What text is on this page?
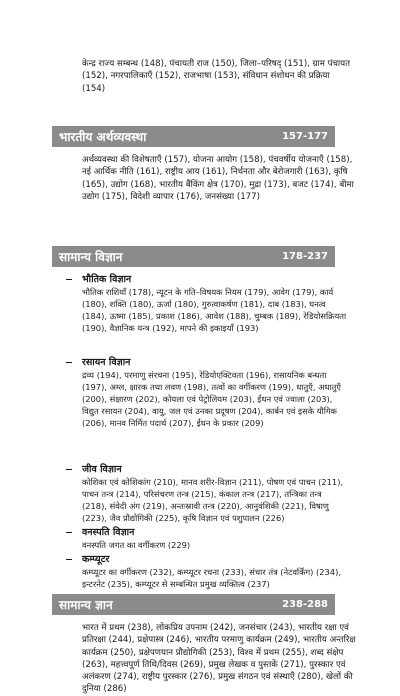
केन्द्र राज्य सम्बन्ध (148), पंचायती राज (150), जिला–परिषद् (151), ग्राम पंचायत (152), नगरपालिकाएँ (152), राजभाषा (153), संविधान संशोधन की प्रक्रिया (154)

भारतीय अर्थव्यवस्था	157-177

अर्थव्यवस्था की विशेषताएँ (157), योजना आयोग (158), पंचवर्षीय योजनाएँ (158), नई आर्थिक नीति (161), राष्ट्रीय आय (161), निर्धनता और बेरोजगारी (163), कृषि (165), उद्योग (168), भारतीय बैंकिंग क्षेत्र (170), मुद्रा (173), बजट (174), बीमा उद्योग (175), विदेशी व्यापार (176), जनसंख्या (177)

सामान्य विज्ञान	178-237
भौतिक विज्ञान
भौतिक राशियाँ (178), न्यूटन के गति–विषयक नियम (179), आवेग (179), कार्य (180), शक्ति (180), ऊर्जा (180), गुरुत्वाकर्षण (181), दाब (183), घनत्व (184), ऊष्मा (185), प्रकाश (186), आवेश (188), चुम्बक (189), रेडियोसक्रियता (190), वैज्ञानिक यन्त्र (192), मापने की इकाइयाँ (193)
रसायन विज्ञान
द्रव्य (194), परमाणु संरचना (195), रेडियोएक्टिवता (196), रासायनिक बन्धता (197), अम्ल, क्षारक तथा लवण (198), तत्वों का वर्गीकरण (199), धातुएँ, अधातुएँ (200), संक्षारण (202), कोयला एवं पेट्रोलियम (203), ईंधन एवं ज्वाला (203), विद्युत रसायन (204), वायु, जल एवं उनका प्रदूषण (204), कार्बन एवं इसके यौगिक (206), मानव निर्मित पदार्थ (207), ईंधन के प्रकार (209)
जीव विज्ञान
कोशिका एवं कोशिकांग (210), मानव शरीर-विज्ञान (211), पोषण एवं पाचन (211), पाचन तन्त्र (214), परिसंचरण तन्त्र (215), कंकाल तन्त्र (217), तन्त्रिका तन्त्र (218), संवेदी अंग (219), अन्तःस्रावी तन्त्र (220), आनुवंशिकी (221), विषाणु (223), जैव प्रौद्योगिकी (225), कृषि विज्ञान एवं पशुपालन (226)
वनस्पति विज्ञान
वनस्पति जगत का वर्गीकरण (229)
कम्प्यूटर
कम्प्यूटर का वर्गीकरण (232), कम्प्यूटर रचना (233), संचार तंत्र (नेटवर्किंग) (234), इन्टरनेट (235), कम्प्यूटर से सम्बन्धित प्रमुख व्यक्तित्व (237)
सामान्य ज्ञान	238-288

भारत में प्रथम (238), लोकप्रिय उपनाम (242), जनसंचार (243), भारतीय रक्षा एवं प्रतिरक्षा (244), प्रक्षेपास्त्र (246), भारतीय परमाणु कार्यक्रम (249), भारतीय अन्तरिक्ष कार्यक्रम (250), प्रक्षेपणयान प्रौद्योगिकी (253), विश्व में प्रथम (255), शब्द संक्षेप (263), महत्त्वपूर्ण तिथि/दिवस (269), प्रमुख लेखक व पुस्तकें (271), पुरस्कार एवं अलंकरण (274), राष्ट्रीय पुरस्कार (276), प्रमुख संगठन एवं संस्थाएँ (280), खेलों की दुनिया (286)
